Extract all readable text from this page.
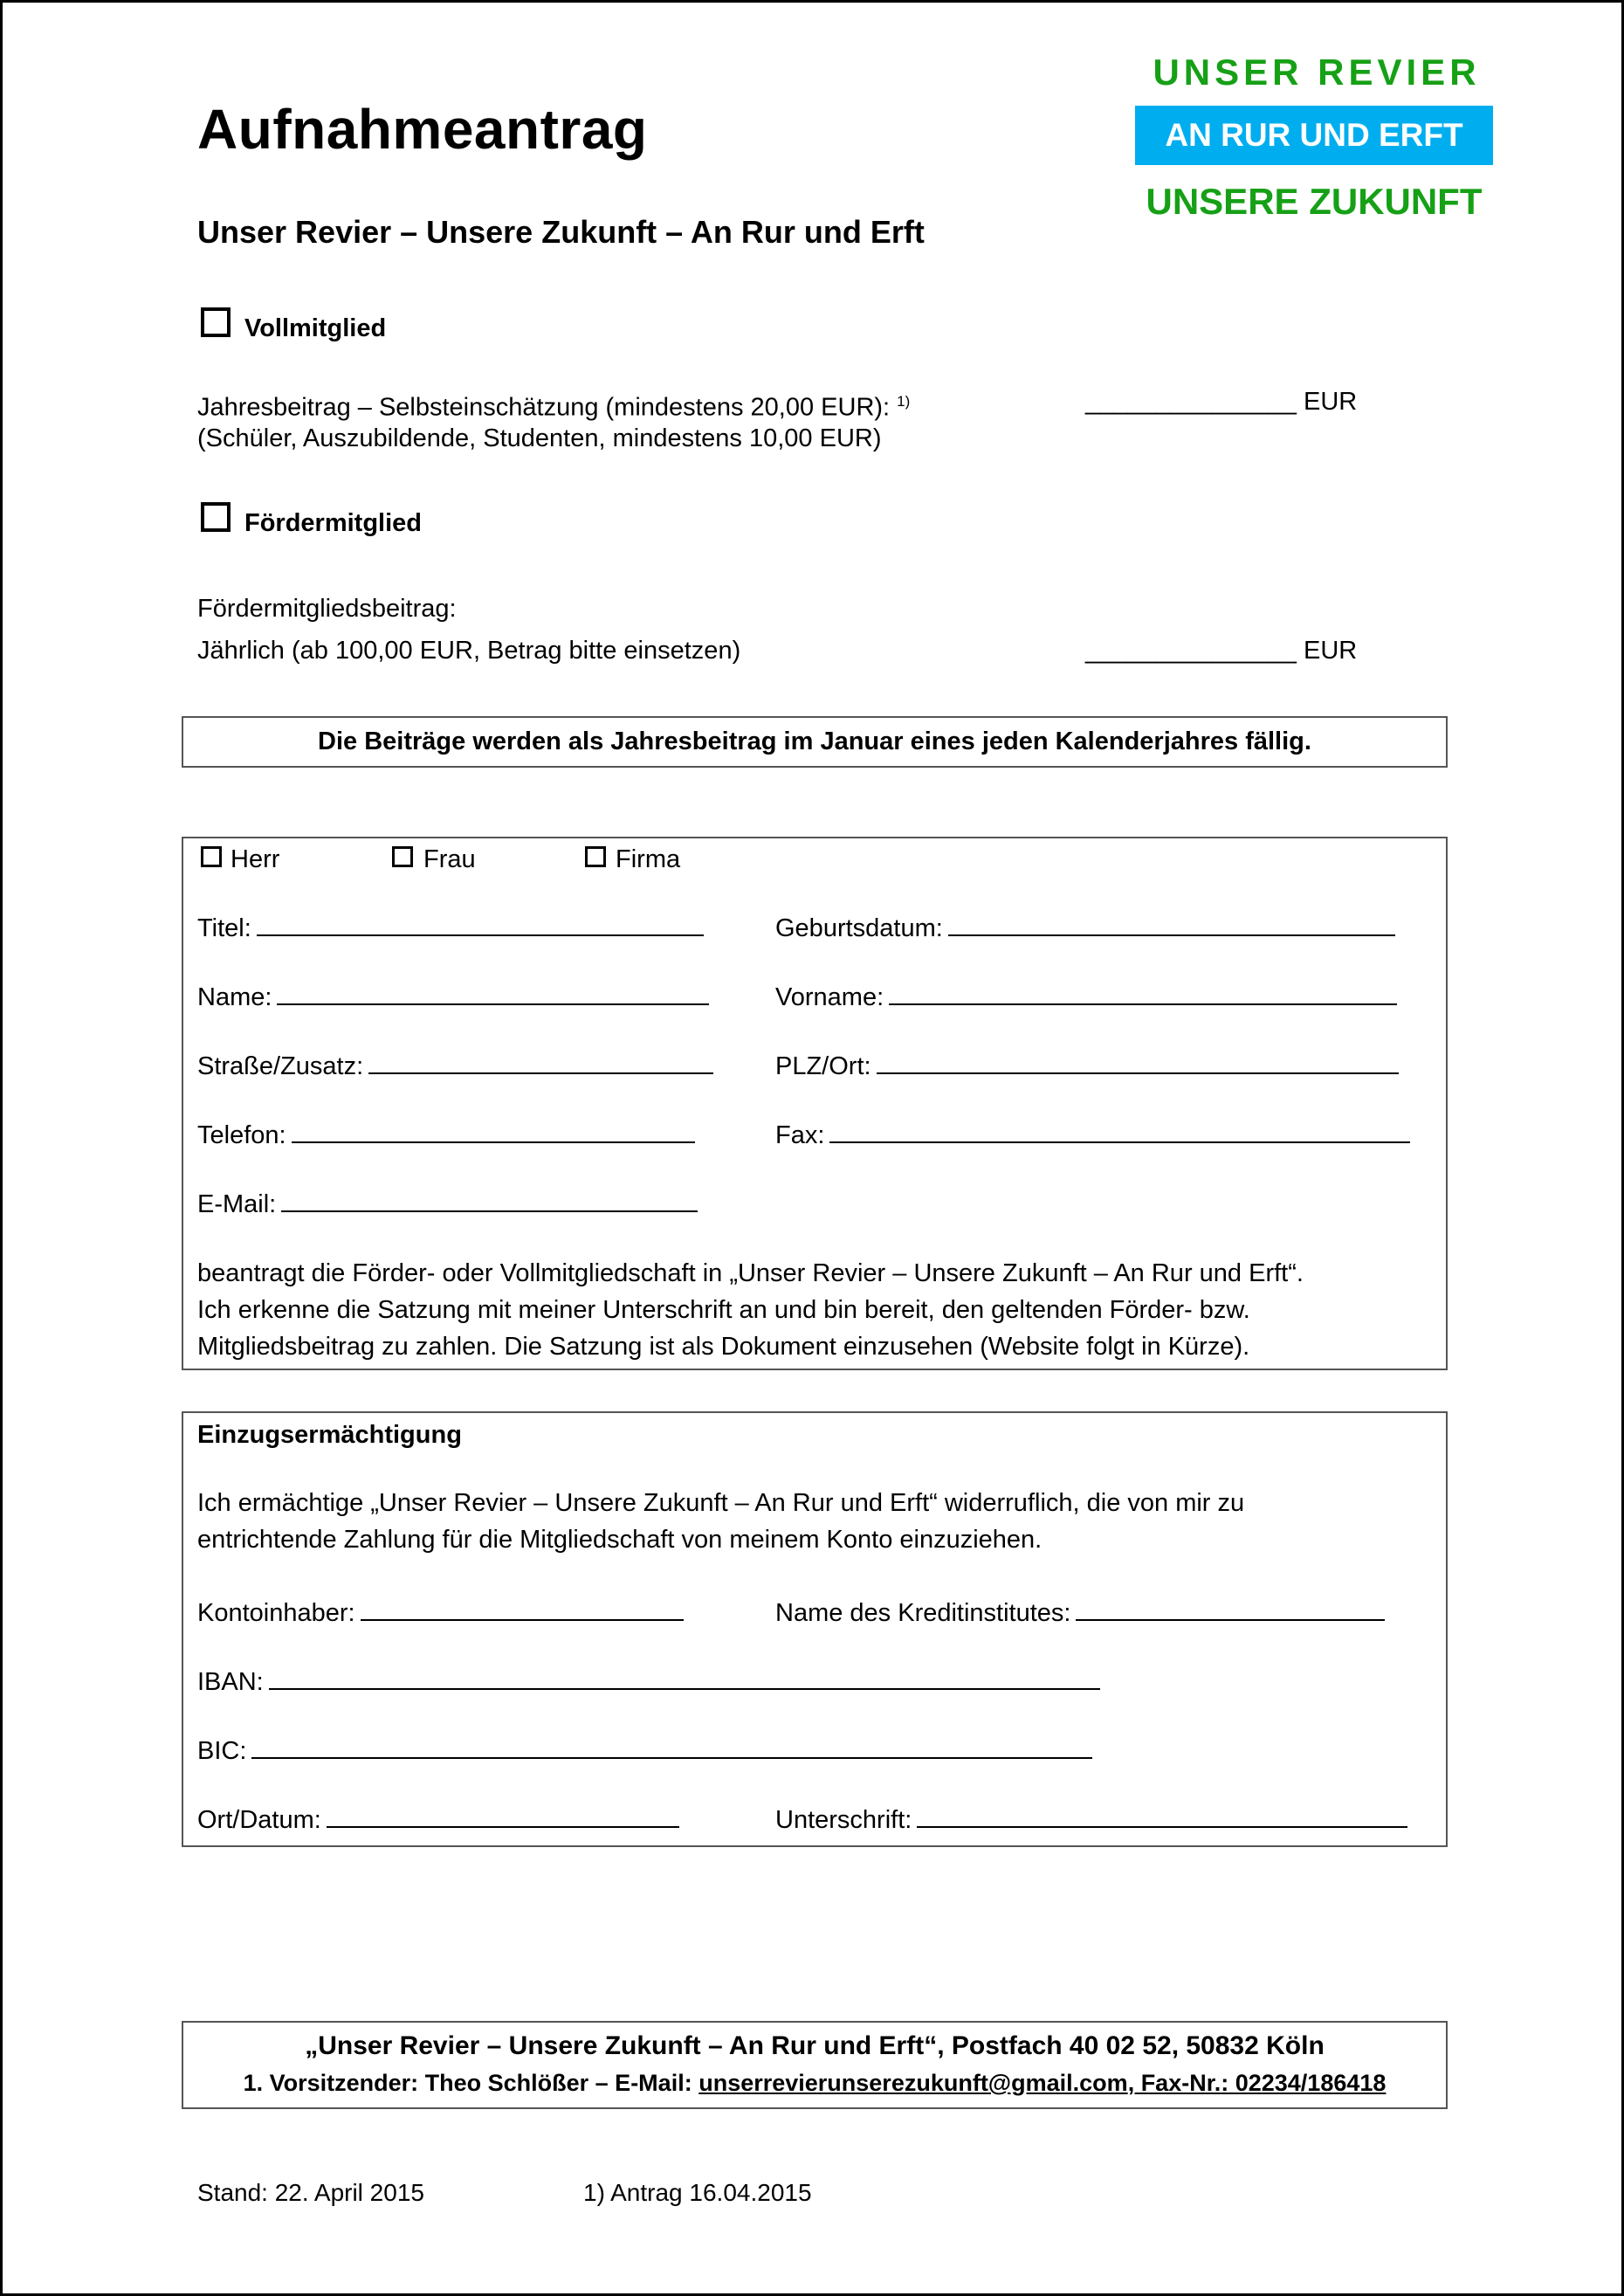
Aufnahmeantrag
Unser Revier – Unsere Zukunft – An Rur und Erft
UNSER REVIER
AN RUR UND ERFT
UNSERE ZUKUNFT
Vollmitglied
Jahresbeitrag – Selbsteinschätzung (mindestens 20,00 EUR): $^{1)}$
(Schüler, Auszubildende, Studenten, mindestens 10,00 EUR)
_______________ EUR
Fördermitglied
Fördermitgliedsbeitrag:
Jährlich (ab 100,00 EUR, Betrag bitte einsetzen)	_______________ EUR
Die Beiträge werden als Jahresbeitrag im Januar eines jeden Kalenderjahres fällig.
Herr	Frau	Firma
Titel:	Geburtsdatum:
Name:	Vorname:
Straße/Zusatz:	PLZ/Ort:
Telefon:	Fax:
E-Mail:
beantragt die Förder- oder Vollmitgliedschaft in „Unser Revier – Unsere Zukunft – An Rur und Erft“.
Ich erkenne die Satzung mit meiner Unterschrift an und bin bereit, den geltenden Förder- bzw.
Mitgliedsbeitrag zu zahlen. Die Satzung ist als Dokument einzusehen (Website folgt in Kürze).
Einzugsermächtigung
Ich ermächtige „Unser Revier – Unsere Zukunft – An Rur und Erft“ widerruflich, die von mir zu
entrichtende Zahlung für die Mitgliedschaft von meinem Konto einzuziehen.
Kontoinhaber:	Name des Kreditinstitutes:
IBAN:
BIC:
Ort/Datum:	Unterschrift:
„Unser Revier – Unsere Zukunft – An Rur und Erft“, Postfach 40 02 52, 50832 Köln
1. Vorsitzender: Theo Schlößer – E-Mail: unserrevierunserezukunft@gmail.com, Fax-Nr.: 02234/186418
Stand: 22. April 2015	1) Antrag 16.04.2015
